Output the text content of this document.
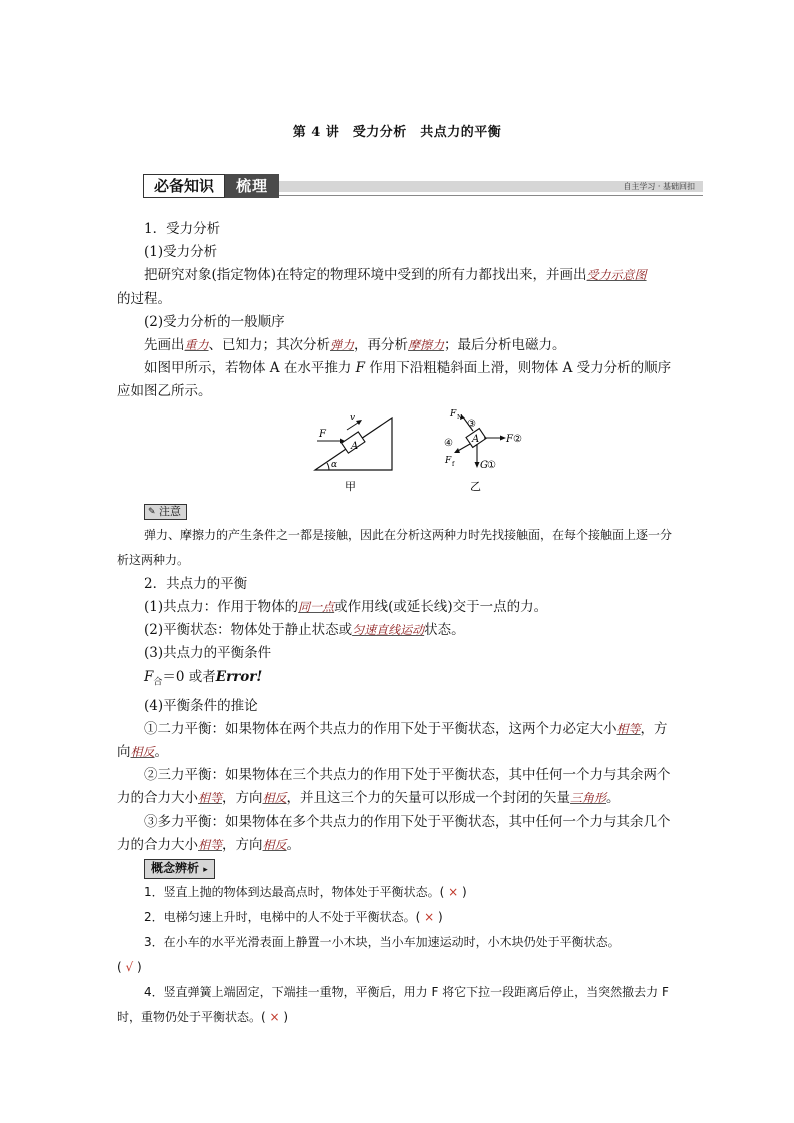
第 4 讲　受力分析　共点力的平衡
必备知识	梳理	自主学习 · 基础回扣

1．受力分析

(1)受力分析

把研究对象(指定物体)在特定的物理环境中受到的所有力都找出来，并画出受力示意图
的过程。

(2)受力分析的一般顺序

先画出重力、已知力；其次分析弹力，再分析摩擦力；最后分析电磁力。

如图甲所示，若物体 A 在水平推力 F 作用下沿粗糙斜面上滑，则物体 A 受力分析的顺序应如图乙所示。

α
A
F
v
甲
A
F N
③
F ②
④
F f	G ①
乙
✎ 注意

弹力、摩擦力的产生条件之一都是接触，因此在分析这两种力时先找接触面，在每个接触面上逐一分析这两种力。

2．共点力的平衡

(1)共点力：作用于物体的同一点或作用线(或延长线)交于一点的力。

(2)平衡状态：物体处于静止状态或匀速直线运动状态。

(3)共点力的平衡条件

$F_合=0$ 或者Error!

(4)平衡条件的推论

①二力平衡：如果物体在两个共点力的作用下处于平衡状态，这两个力必定大小相等，方向相反。

②三力平衡：如果物体在三个共点力的作用下处于平衡状态，其中任何一个力与其余两个力的合力大小相等，方向相反，并且这三个力的矢量可以形成一个封闭的矢量三角形。

③多力平衡：如果物体在多个共点力的作用下处于平衡状态，其中任何一个力与其余几个力的合力大小相等，方向相反。

概念辨析 ▸

1．竖直上抛的物体到达最高点时，物体处于平衡状态。( × )

2．电梯匀速上升时，电梯中的人不处于平衡状态。( × )

3．在小车的水平光滑表面上静置一小木块，当小车加速运动时，小木块仍处于平衡状态。

( √ )

4．竖直弹簧上端固定，下端挂一重物，平衡后，用力 F 将它下拉一段距离后停止，当突然撤去力 F 时，重物仍处于平衡状态。( × )
